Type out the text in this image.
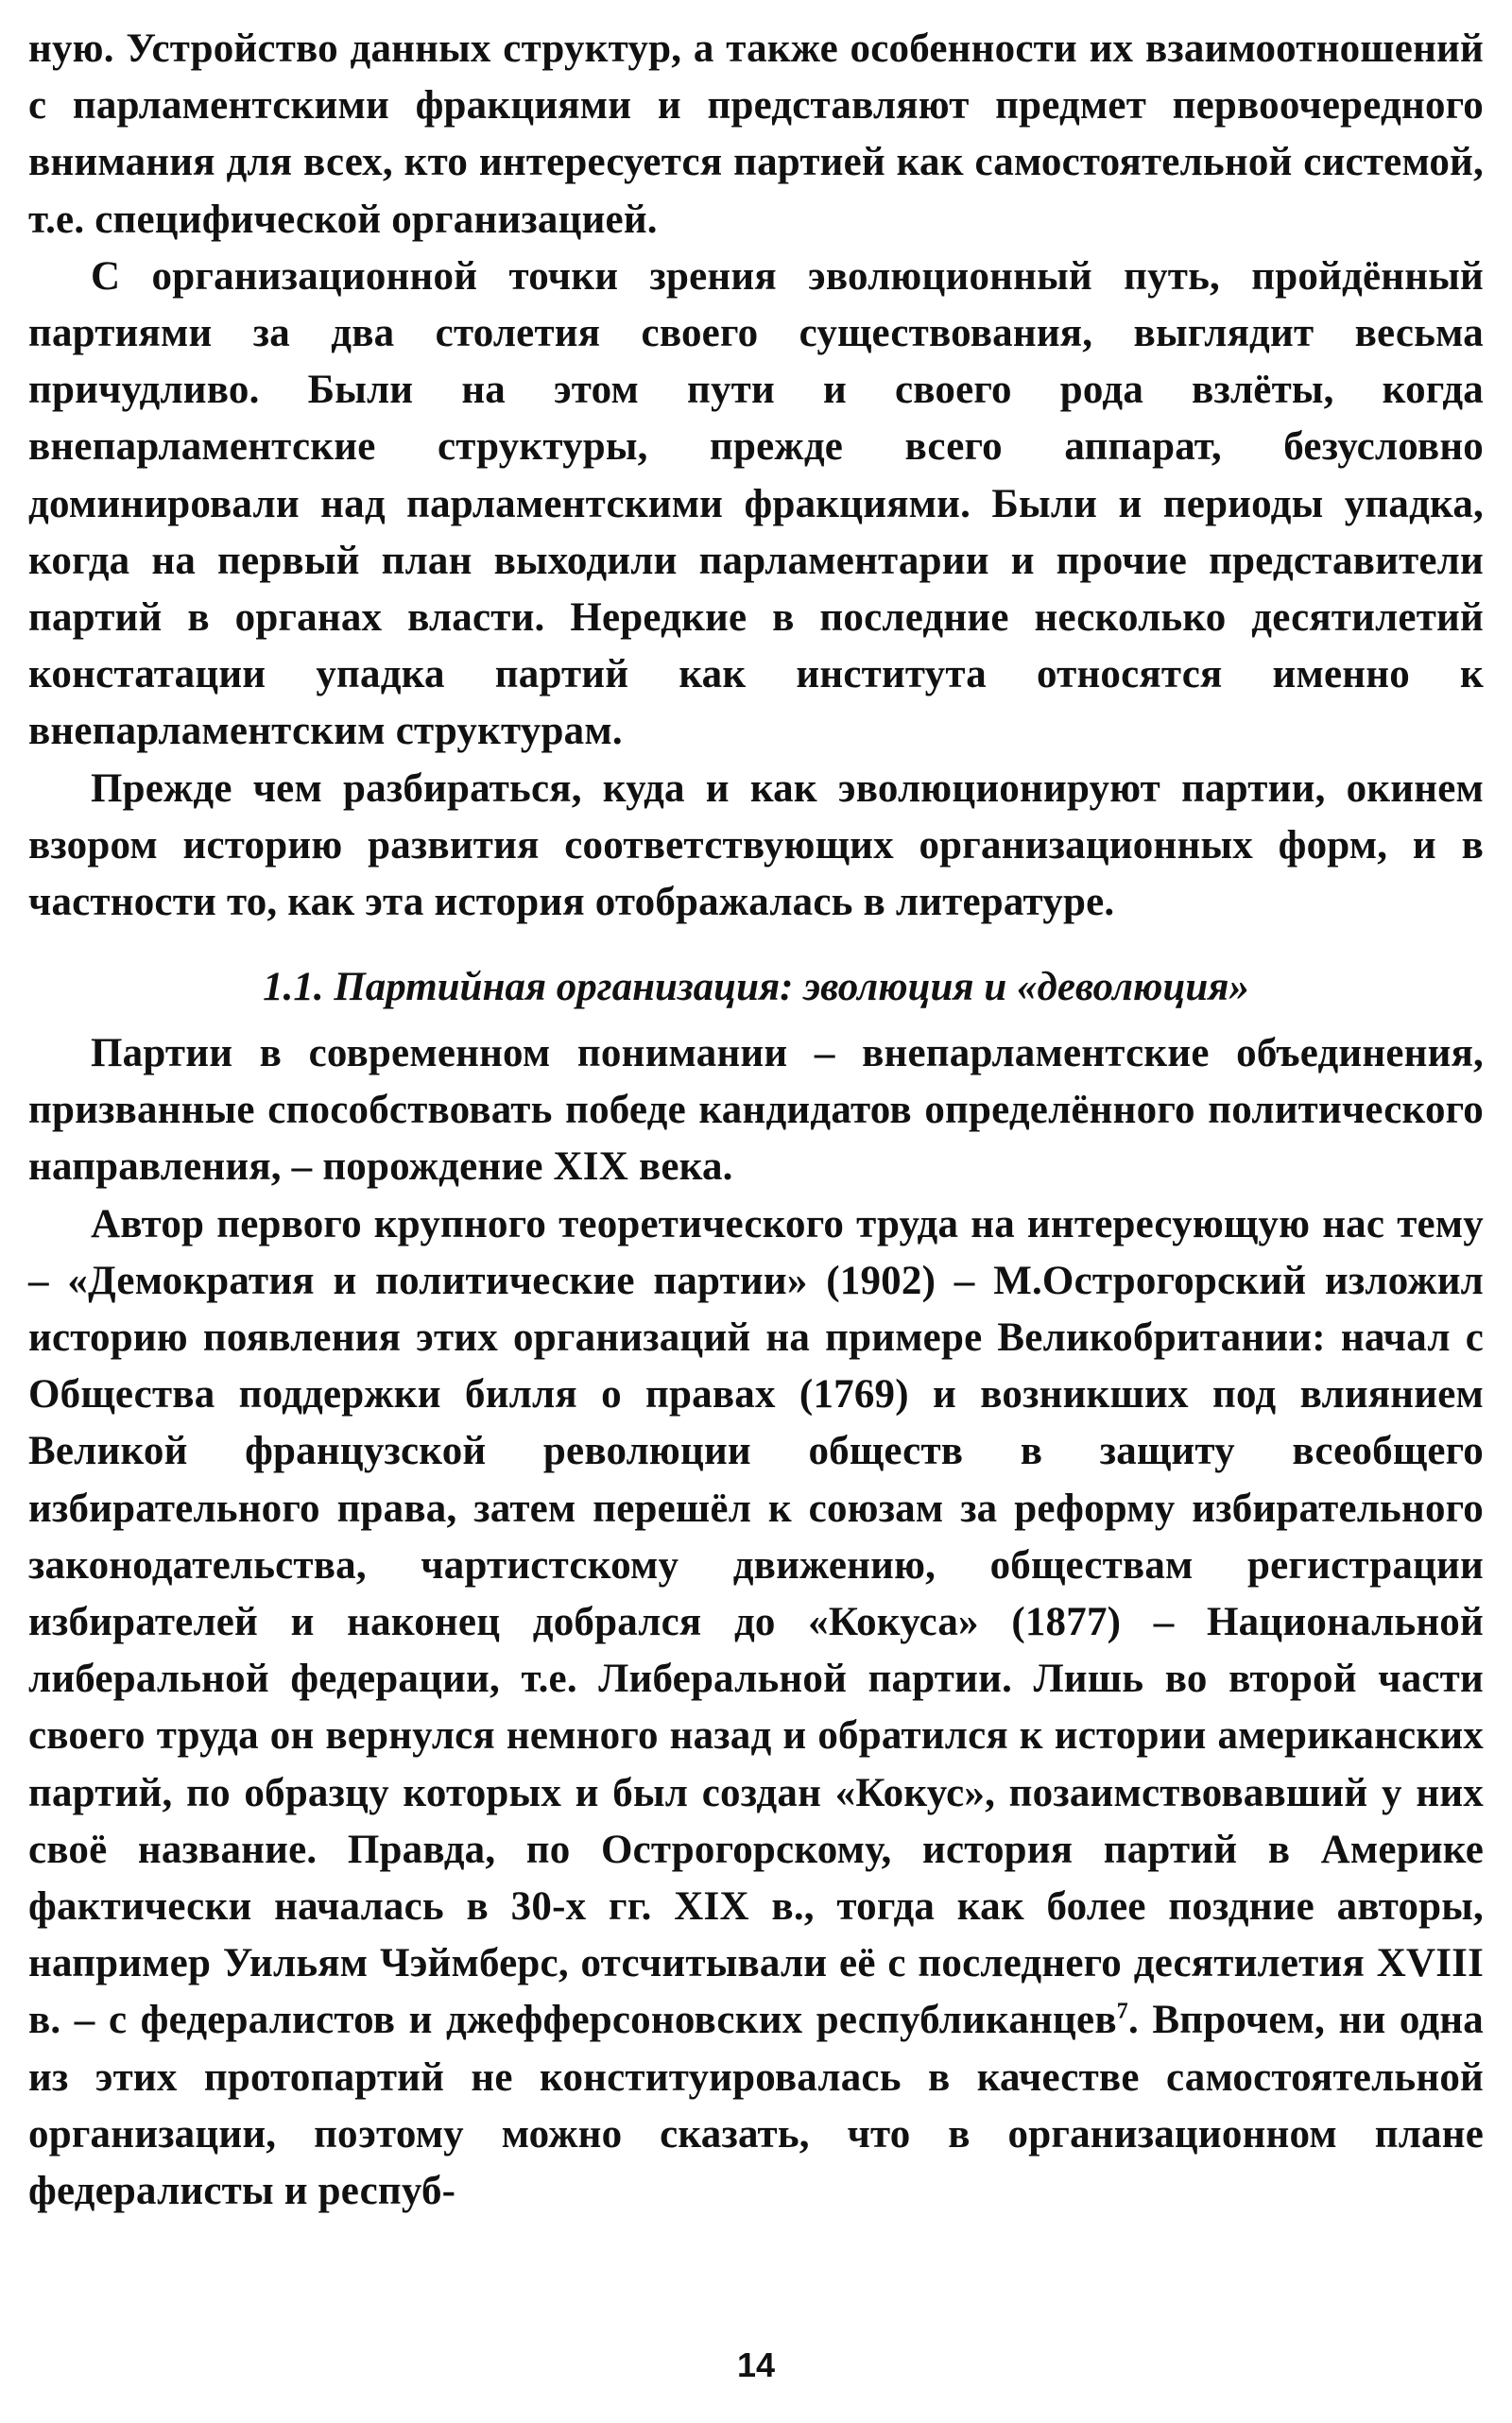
ную. Устройство данных структур, а также особенности их взаимоотношений с парламентскими фракциями и представляют предмет первоочередного внимания для всех, кто интересуется партией как самостоятельной системой, т.е. специфической организацией.

С организационной точки зрения эволюционный путь, пройдённый партиями за два столетия своего существования, выглядит весьма причудливо. Были на этом пути и своего рода взлёты, когда внепарламентские структуры, прежде всего аппарат, безусловно доминировали над парламентскими фракциями. Были и периоды упадка, когда на первый план выходили парламентарии и прочие представители партий в органах власти. Нередкие в последние несколько десятилетий констатации упадка партий как института относятся именно к внепарламентским структурам.

Прежде чем разбираться, куда и как эволюционируют партии, окинем взором историю развития соответствующих организационных форм, и в частности то, как эта история отображалась в литературе.

1.1. Партийная организация: эволюция и «деволюция»

Партии в современном понимании – внепарламентские объединения, призванные способствовать победе кандидатов определённого политического направления, – порождение XIX века.

Автор первого крупного теоретического труда на интересующую нас тему – «Демократия и политические партии» (1902) – М.Острогорский изложил историю появления этих организаций на примере Великобритании: начал с Общества поддержки билля о правах (1769) и возникших под влиянием Великой французской революции обществ в защиту всеобщего избирательного права, затем перешёл к союзам за реформу избирательного законодательства, чартистскому движению, обществам регистрации избирателей и наконец добрался до «Кокуса» (1877) – Национальной либеральной федерации, т.е. Либеральной партии. Лишь во второй части своего труда он вернулся немного назад и обратился к истории американских партий, по образцу которых и был создан «Кокус», позаимствовавший у них своё название. Правда, по Острогорскому, история партий в Америке фактически началась в 30-х гг. XIX в., тогда как более поздние авторы, например Уильям Чэймберс, отсчитывали её с последнего десятилетия XVIII в. – с федералистов и джефферсоновских республиканцев$^7$. Впрочем, ни одна из этих протопартий не конституировалась в качестве самостоятельной организации, поэтому можно сказать, что в организационном плане федералисты и респуб-

14
